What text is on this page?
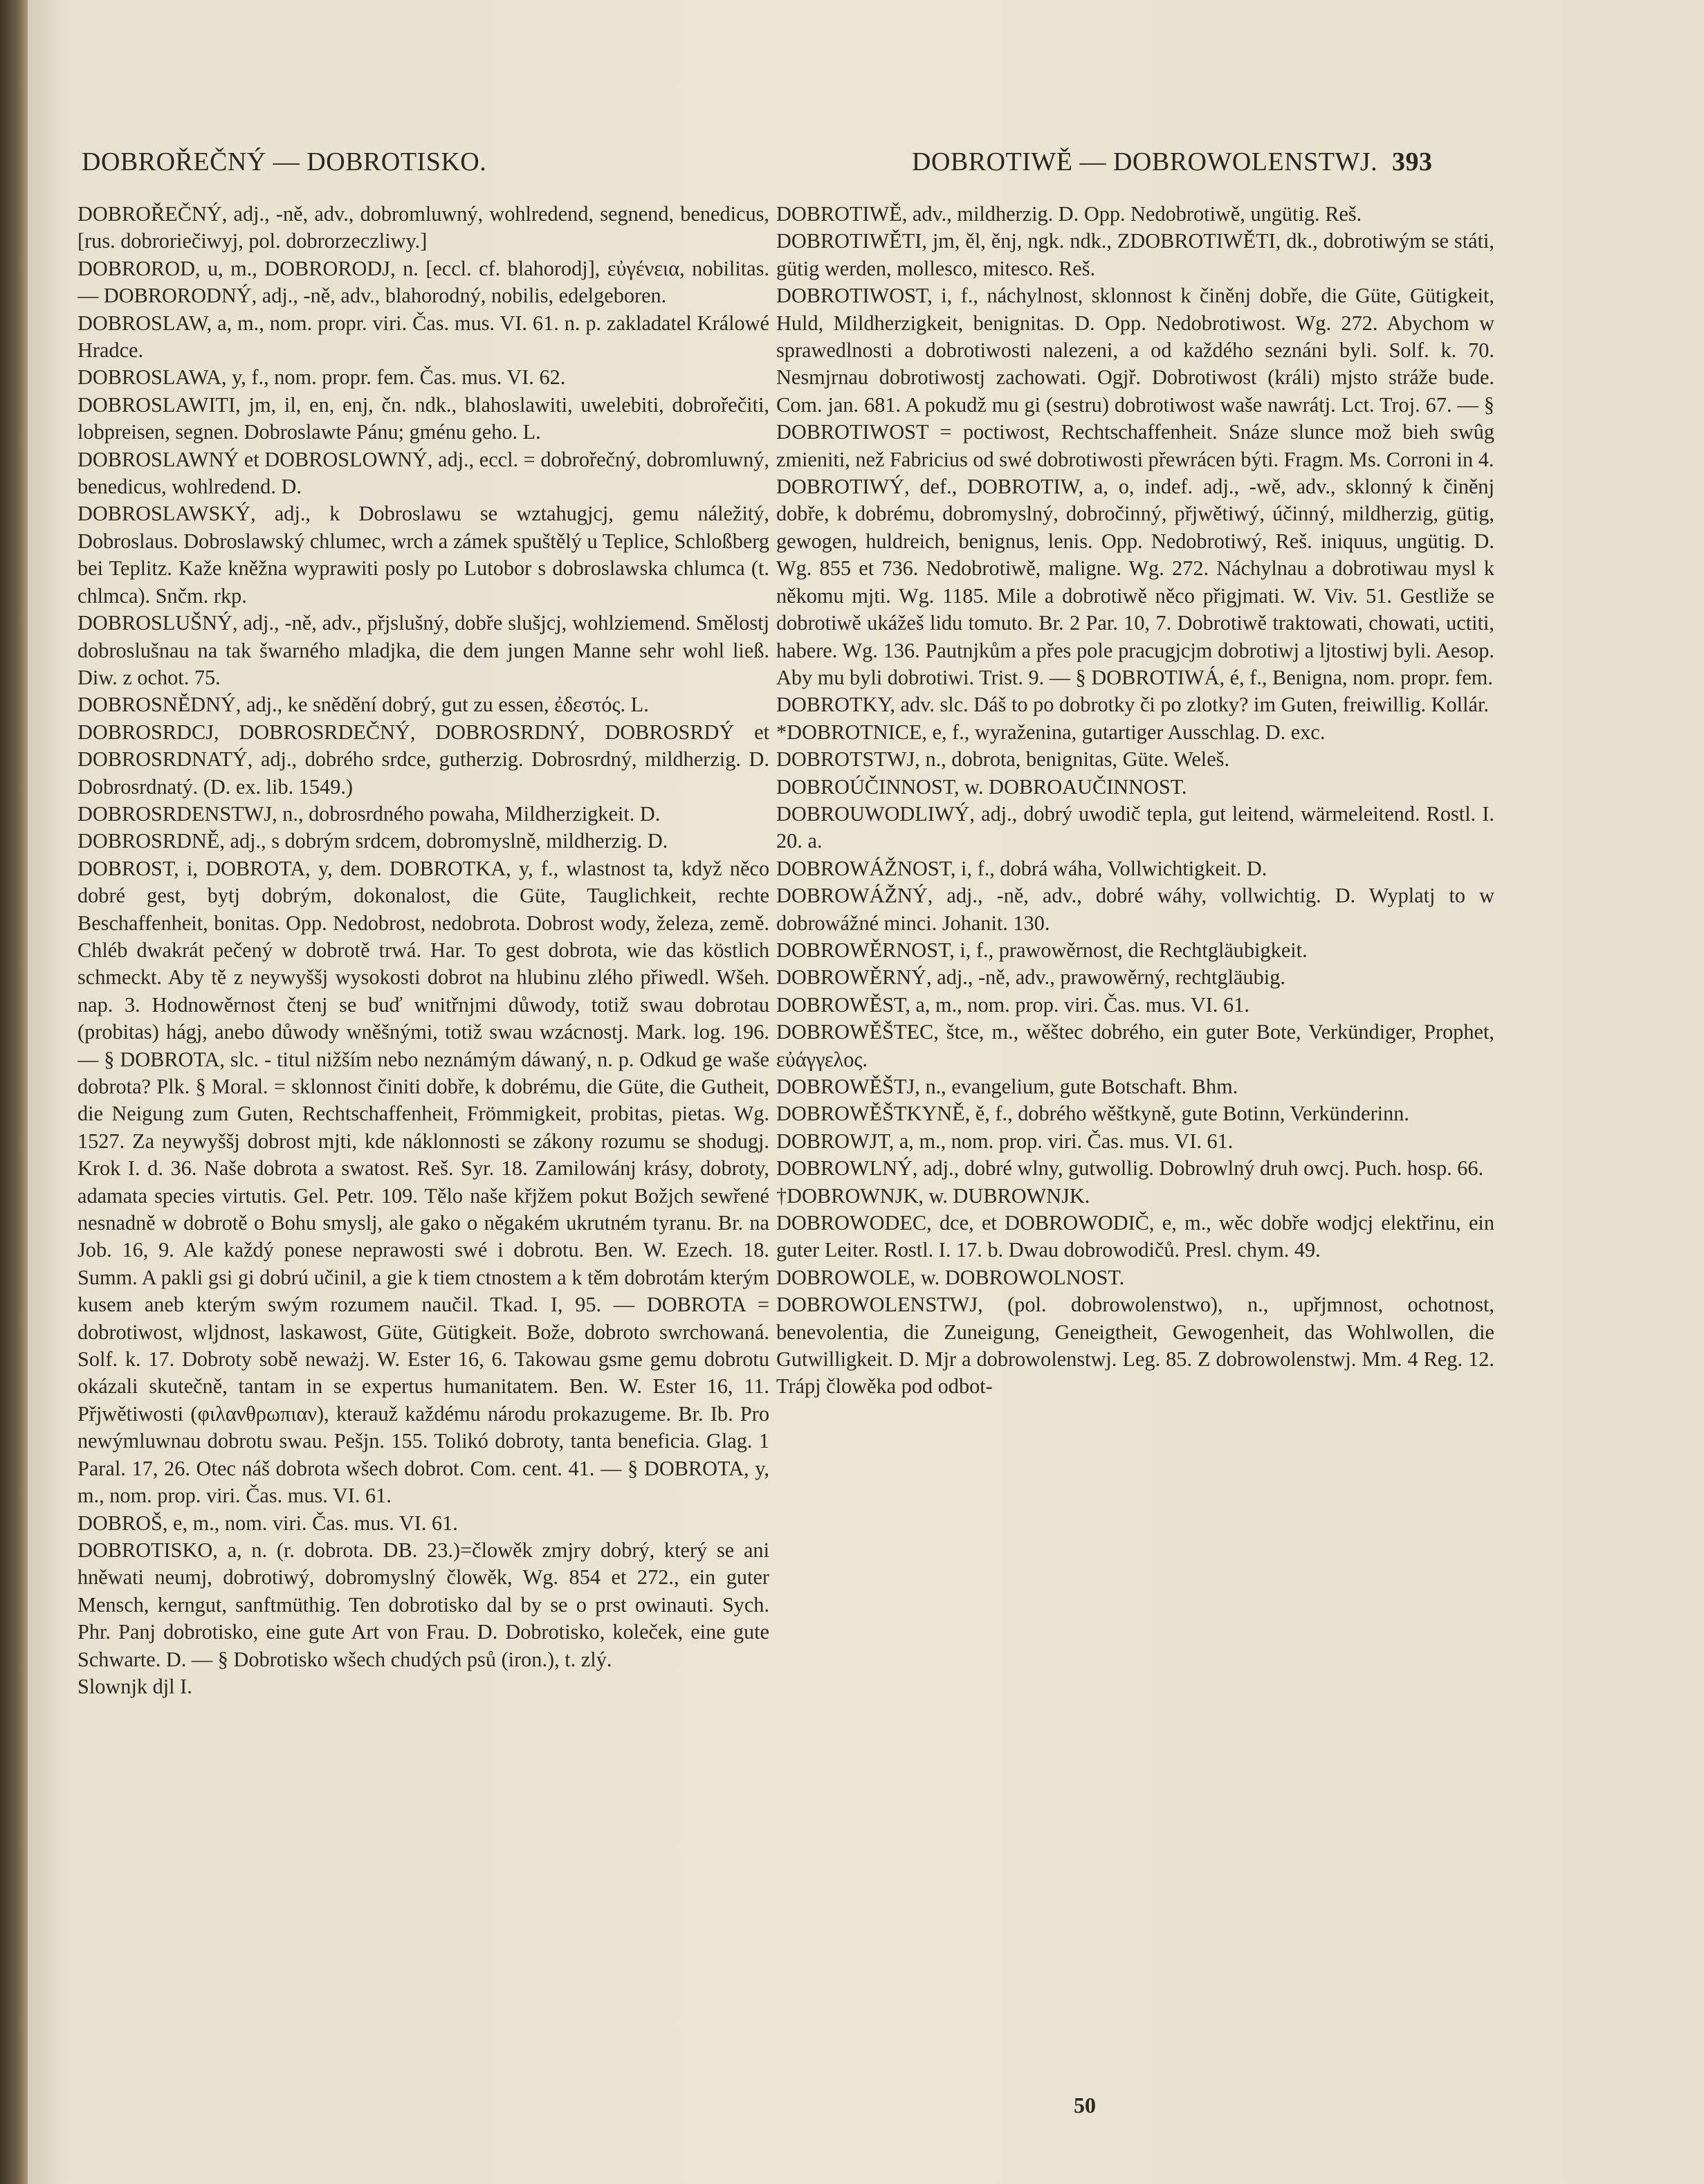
DOBROŘEČNÝ — DOBROTISKO.	DOBROTIWĚ — DOBROWOLENSTWJ. 393

DOBROŘEČNÝ, adj., -ně, adv., dobromluwný, wohlredend, segnend, benedicus, [rus. dobroriečiwyj, pol. dobrorzeczliwy.]

DOBROROD, u, m., DOBRORODJ, n. [eccl. cf. blahorodj], εὐγένεια, nobilitas. — DOBRORODNÝ, adj., -ně, adv., blahorodný, nobilis, edelgeboren.

DOBROSLAW, a, m., nom. propr. viri. Čas. mus. VI. 61. n. p. zakladatel Králowé Hradce.

DOBROSLAWA, y, f., nom. propr. fem. Čas. mus. VI. 62.

DOBROSLAWITI, jm, il, en, enj, čn. ndk., blahoslawiti, uwelebiti, dobrořečiti, lobpreisen, segnen. Dobroslawte Pánu; gménu geho. L.

DOBROSLAWNÝ et DOBROSLOWNÝ, adj., eccl. = dobrořečný, dobromluwný, benedicus, wohlredend. D.

DOBROSLAWSKÝ, adj., k Dobroslawu se wztahugjcj, gemu náležitý, Dobroslaus. Dobroslawský chlumec, wrch a zámek spuštělý u Teplice, Schloßberg bei Teplitz. Kaže kněžna wyprawiti posly po Lutobor s dobroslawska chlumca (t. chlmca). Snčm. rkp.

DOBROSLUŠNÝ, adj., -ně, adv., přjslušný, dobře slušjcj, wohlziemend. Smělostj dobroslušnau na tak šwarného mladjka, die dem jungen Manne sehr wohl ließ. Diw. z ochot. 75.

DOBROSNĚDNÝ, adj., ke snědění dobrý, gut zu essen, ἐδεστός. L.

DOBROSRDCJ, DOBROSRDEČNÝ, DOBROSRDNÝ, DOBROSRDÝ et DOBROSRDNATÝ, adj., dobrého srdce, gutherzig. Dobrosrdný, mildherzig. D. Dobrosrdnatý. (D. ex. lib. 1549.)

DOBROSRDENSTWJ, n., dobrosrdného powaha, Mildherzigkeit. D.

DOBROSRDNĚ, adj., s dobrým srdcem, dobromyslně, mildherzig. D.

DOBROST, i, DOBROTA, y, dem. DOBROTKA, y, f., wlastnost ta, když něco dobré gest, bytj dobrým, dokonalost, die Güte, Tauglichkeit, rechte Beschaffenheit, bonitas. Opp. Nedobrost, nedobrota. Dobrost wody, železa, země. Chléb dwakrát pečený w dobrotě trwá. Har. To gest dobrota, wie das köstlich schmeckt. Aby tě z neywyššj wysokosti dobrot na hlubinu zlého přiwedl. Wšeh. nap. 3. Hodnowěrnost čtenj se buď wnitřnjmi důwody, totiž swau dobrotau (probitas) hágj, anebo důwody wněšnými, totiž swau wzácnostj. Mark. log. 196. — § DOBROTA, slc. - titul nižším nebo neznámým dáwaný, n. p. Odkud ge waše dobrota? Plk. § Moral. = sklonnost činiti dobře, k dobrému, die Güte, die Gutheit, die Neigung zum Guten, Rechtschaffenheit, Frömmigkeit, probitas, pietas. Wg. 1527. Za neywyššj dobrost mjti, kde náklonnosti se zákony rozumu se shodugj. Krok I. d. 36. Naše dobrota a swatost. Reš. Syr. 18. Zamilowánj krásy, dobroty, adamata species virtutis. Gel. Petr. 109. Tělo naše křjžem pokut Božjch sewřené nesnadně w dobrotě o Bohu smyslj, ale gako o něgakém ukrutném tyranu. Br. na Job. 16, 9. Ale každý ponese neprawosti swé i dobrotu. Ben. W. Ezech. 18. Summ. A pakli gsi gi dobrú učinil, a gie k tiem ctnostem a k těm dobrotám kterým kusem aneb kterým swým rozumem naučil. Tkad. I, 95. — DOBROTA = dobrotiwost, wljdnost, laskawost, Güte, Gütigkeit. Bože, dobroto swrchowaná. Solf. k. 17. Dobroty sobě neważj. W. Ester 16, 6. Takowau gsme gemu dobrotu okázali skutečně, tantam in se expertus humanitatem. Ben. W. Ester 16, 11. Přjwětiwosti (φιλανθρωπιαν), kterauž každému národu prokazugeme. Br. Ib. Pro newýmluwnau dobrotu swau. Pešjn. 155. Tolikó dobroty, tanta beneficia. Glag. 1 Paral. 17, 26. Otec náš dobrota wšech dobrot. Com. cent. 41. — § DOBROTA, y, m., nom. prop. viri. Čas. mus. VI. 61.

DOBROŠ, e, m., nom. viri. Čas. mus. VI. 61.

DOBROTISKO, a, n. (r. dobrota. DB. 23.)=člowěk zmjry dobrý, který se ani hněwati neumj, dobrotiwý, dobromyslný člowěk, Wg. 854 et 272., ein guter Mensch, kerngut, sanftmüthig. Ten dobrotisko dal by se o prst owinauti. Sych. Phr. Panj dobrotisko, eine gute Art von Frau. D. Dobrotisko, koleček, eine gute Schwarte. D. — § Dobrotisko wšech chudých psů (iron.), t. zlý.

Slownjk djl I.

DOBROTIWĚ, adv., mildherzig. D. Opp. Nedobrotiwě, ungütig. Reš.

DOBROTIWĚTI, jm, ěl, ěnj, ngk. ndk., ZDOBROTIWĚTI, dk., dobrotiwým se státi, gütig werden, mollesco, mitesco. Reš.

DOBROTIWOST, i, f., náchylnost, sklonnost k činěnj dobře, die Güte, Gütigkeit, Huld, Mildherzigkeit, benignitas. D. Opp. Nedobrotiwost. Wg. 272. Abychom w sprawedlnosti a dobrotiwosti nalezeni, a od každého seznáni byli. Solf. k. 70. Nesmjrnau dobrotiwostj zachowati. Ogjř. Dobrotiwost (králi) mjsto stráže bude. Com. jan. 681. A pokudž mu gi (sestru) dobrotiwost waše nawrátj. Lct. Troj. 67. — § DOBROTIWOST = poctiwost, Rechtschaffenheit. Snáze slunce mož bieh swûg zmieniti, než Fabricius od swé dobrotiwosti přewrácen býti. Fragm. Ms. Corroni in 4.

DOBROTIWÝ, def., DOBROTIW, a, o, indef. adj., -wě, adv., sklonný k činěnj dobře, k dobrému, dobromyslný, dobročinný, přjwětiwý, účinný, mildherzig, gütig, gewogen, huldreich, benignus, lenis. Opp. Nedobrotiwý, Reš. iniquus, ungütig. D. Wg. 855 et 736. Nedobrotiwě, maligne. Wg. 272. Náchylnau a dobrotiwau mysl k někomu mjti. Wg. 1185. Mile a dobrotiwě něco přigjmati. W. Viv. 51. Gestliže se dobrotiwě ukážeš lidu tomuto. Br. 2 Par. 10, 7. Dobrotiwě traktowati, chowati, uctiti, habere. Wg. 136. Pautnjkům a přes pole pracugjcjm dobrotiwj a ljtostiwj byli. Aesop. Aby mu byli dobrotiwi. Trist. 9. — § DOBROTIWÁ, é, f., Benigna, nom. propr. fem.

DOBROTKY, adv. slc. Dáš to po dobrotky či po zlotky? im Guten, freiwillig. Kollár.

*DOBROTNICE, e, f., wyraženina, gutartiger Ausschlag. D. exc.

DOBROTSTWJ, n., dobrota, benignitas, Güte. Weleš.

DOBROÚČINNOST, w. DOBROAUČINNOST.

DOBROUWODLIWÝ, adj., dobrý uwodič tepla, gut leitend, wärmeleitend. Rostl. I. 20. a.

DOBROWÁŽNOST, i, f., dobrá wáha, Vollwichtigkeit. D.

DOBROWÁŽNÝ, adj., -ně, adv., dobré wáhy, vollwichtig. D. Wyplatj to w dobrowážné minci. Johanit. 130.

DOBROWĚRNOST, i, f., prawowěrnost, die Rechtgläubigkeit.

DOBROWĚRNÝ, adj., -ně, adv., prawowěrný, rechtgläubig.

DOBROWĚST, a, m., nom. prop. viri. Čas. mus. VI. 61.

DOBROWĚŠTEC, štce, m., wěštec dobrého, ein guter Bote, Verkündiger, Prophet, εὐάγγελος.

DOBROWĚŠTJ, n., evangelium, gute Botschaft. Bhm.

DOBROWĚŠTKYNĚ, ě, f., dobrého wěštkyně, gute Botinn, Verkünderinn.

DOBROWJT, a, m., nom. prop. viri. Čas. mus. VI. 61.

DOBROWLNÝ, adj., dobré wlny, gutwollig. Dobrowlný druh owcj. Puch. hosp. 66.

†DOBROWNJK, w. DUBROWNJK.

DOBROWODEC, dce, et DOBROWODIČ, e, m., wěc dobře wodjcj elektřinu, ein guter Leiter. Rostl. I. 17. b. Dwau dobrowodičů. Presl. chym. 49.

DOBROWOLE, w. DOBROWOLNOST.

DOBROWOLENSTWJ, (pol. dobrowolenstwo), n., upřjmnost, ochotnost, benevolentia, die Zuneigung, Geneigtheit, Gewogenheit, das Wohlwollen, die Gutwilligkeit. D. Mjr a dobrowolenstwj. Leg. 85. Z dobrowolenstwj. Mm. 4 Reg. 12. Trápj člowěka pod odbot-

50
